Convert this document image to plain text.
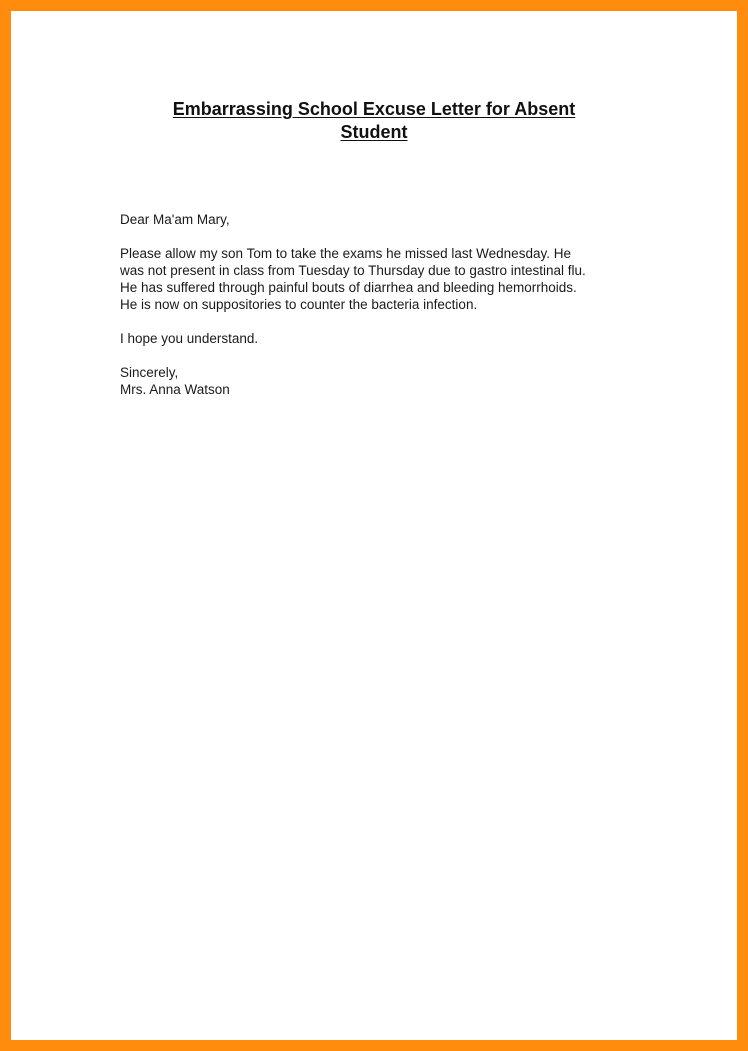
Embarrassing School Excuse Letter for Absent
Student

Dear Ma'am Mary,

Please allow my son Tom to take the exams he missed last Wednesday. He
was not present in class from Tuesday to Thursday due to gastro intestinal flu.
He has suffered through painful bouts of diarrhea and bleeding hemorrhoids.
He is now on suppositories to counter the bacteria infection.

I hope you understand.

Sincerely,
Mrs. Anna Watson
